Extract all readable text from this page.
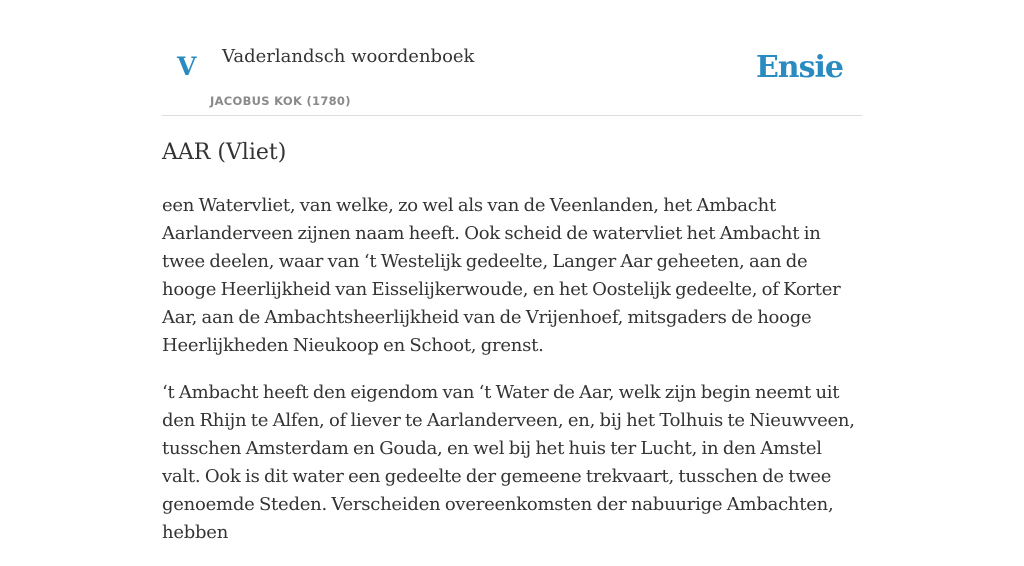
V Vaderlandsch woordenboek
JACOBUS KOK (1780)
Ensie
AAR (Vliet)

een Watervliet, van welke, zo wel als van de Veenlanden, het Ambacht Aarlanderveen zijnen naam heeft. Ook scheid de watervliet het Ambacht in twee deelen, waar van ‘t Westelijk gedeelte, Langer Aar geheeten, aan de hooge Heerlijkheid van Eisselijkerwoude, en het Oostelijk gedeelte, of Korter Aar, aan de Ambachtsheerlijkheid van de Vrijenhoef, mitsgaders de hooge Heerlijkheden Nieukoop en Schoot, grenst.

‘t Ambacht heeft den eigendom van ‘t Water de Aar, welk zijn begin neemt uit den Rhijn te Alfen, of liever te Aarlanderveen, en, bij het Tolhuis te Nieuwveen, tusschen Amsterdam en Gouda, en wel bij het huis ter Lucht, in den Amstel valt. Ook is dit water een gedeelte der gemeene trekvaart, tusschen de twee genoemde Steden. Verscheiden overeenkomsten der nabuurige Ambachten, hebben
